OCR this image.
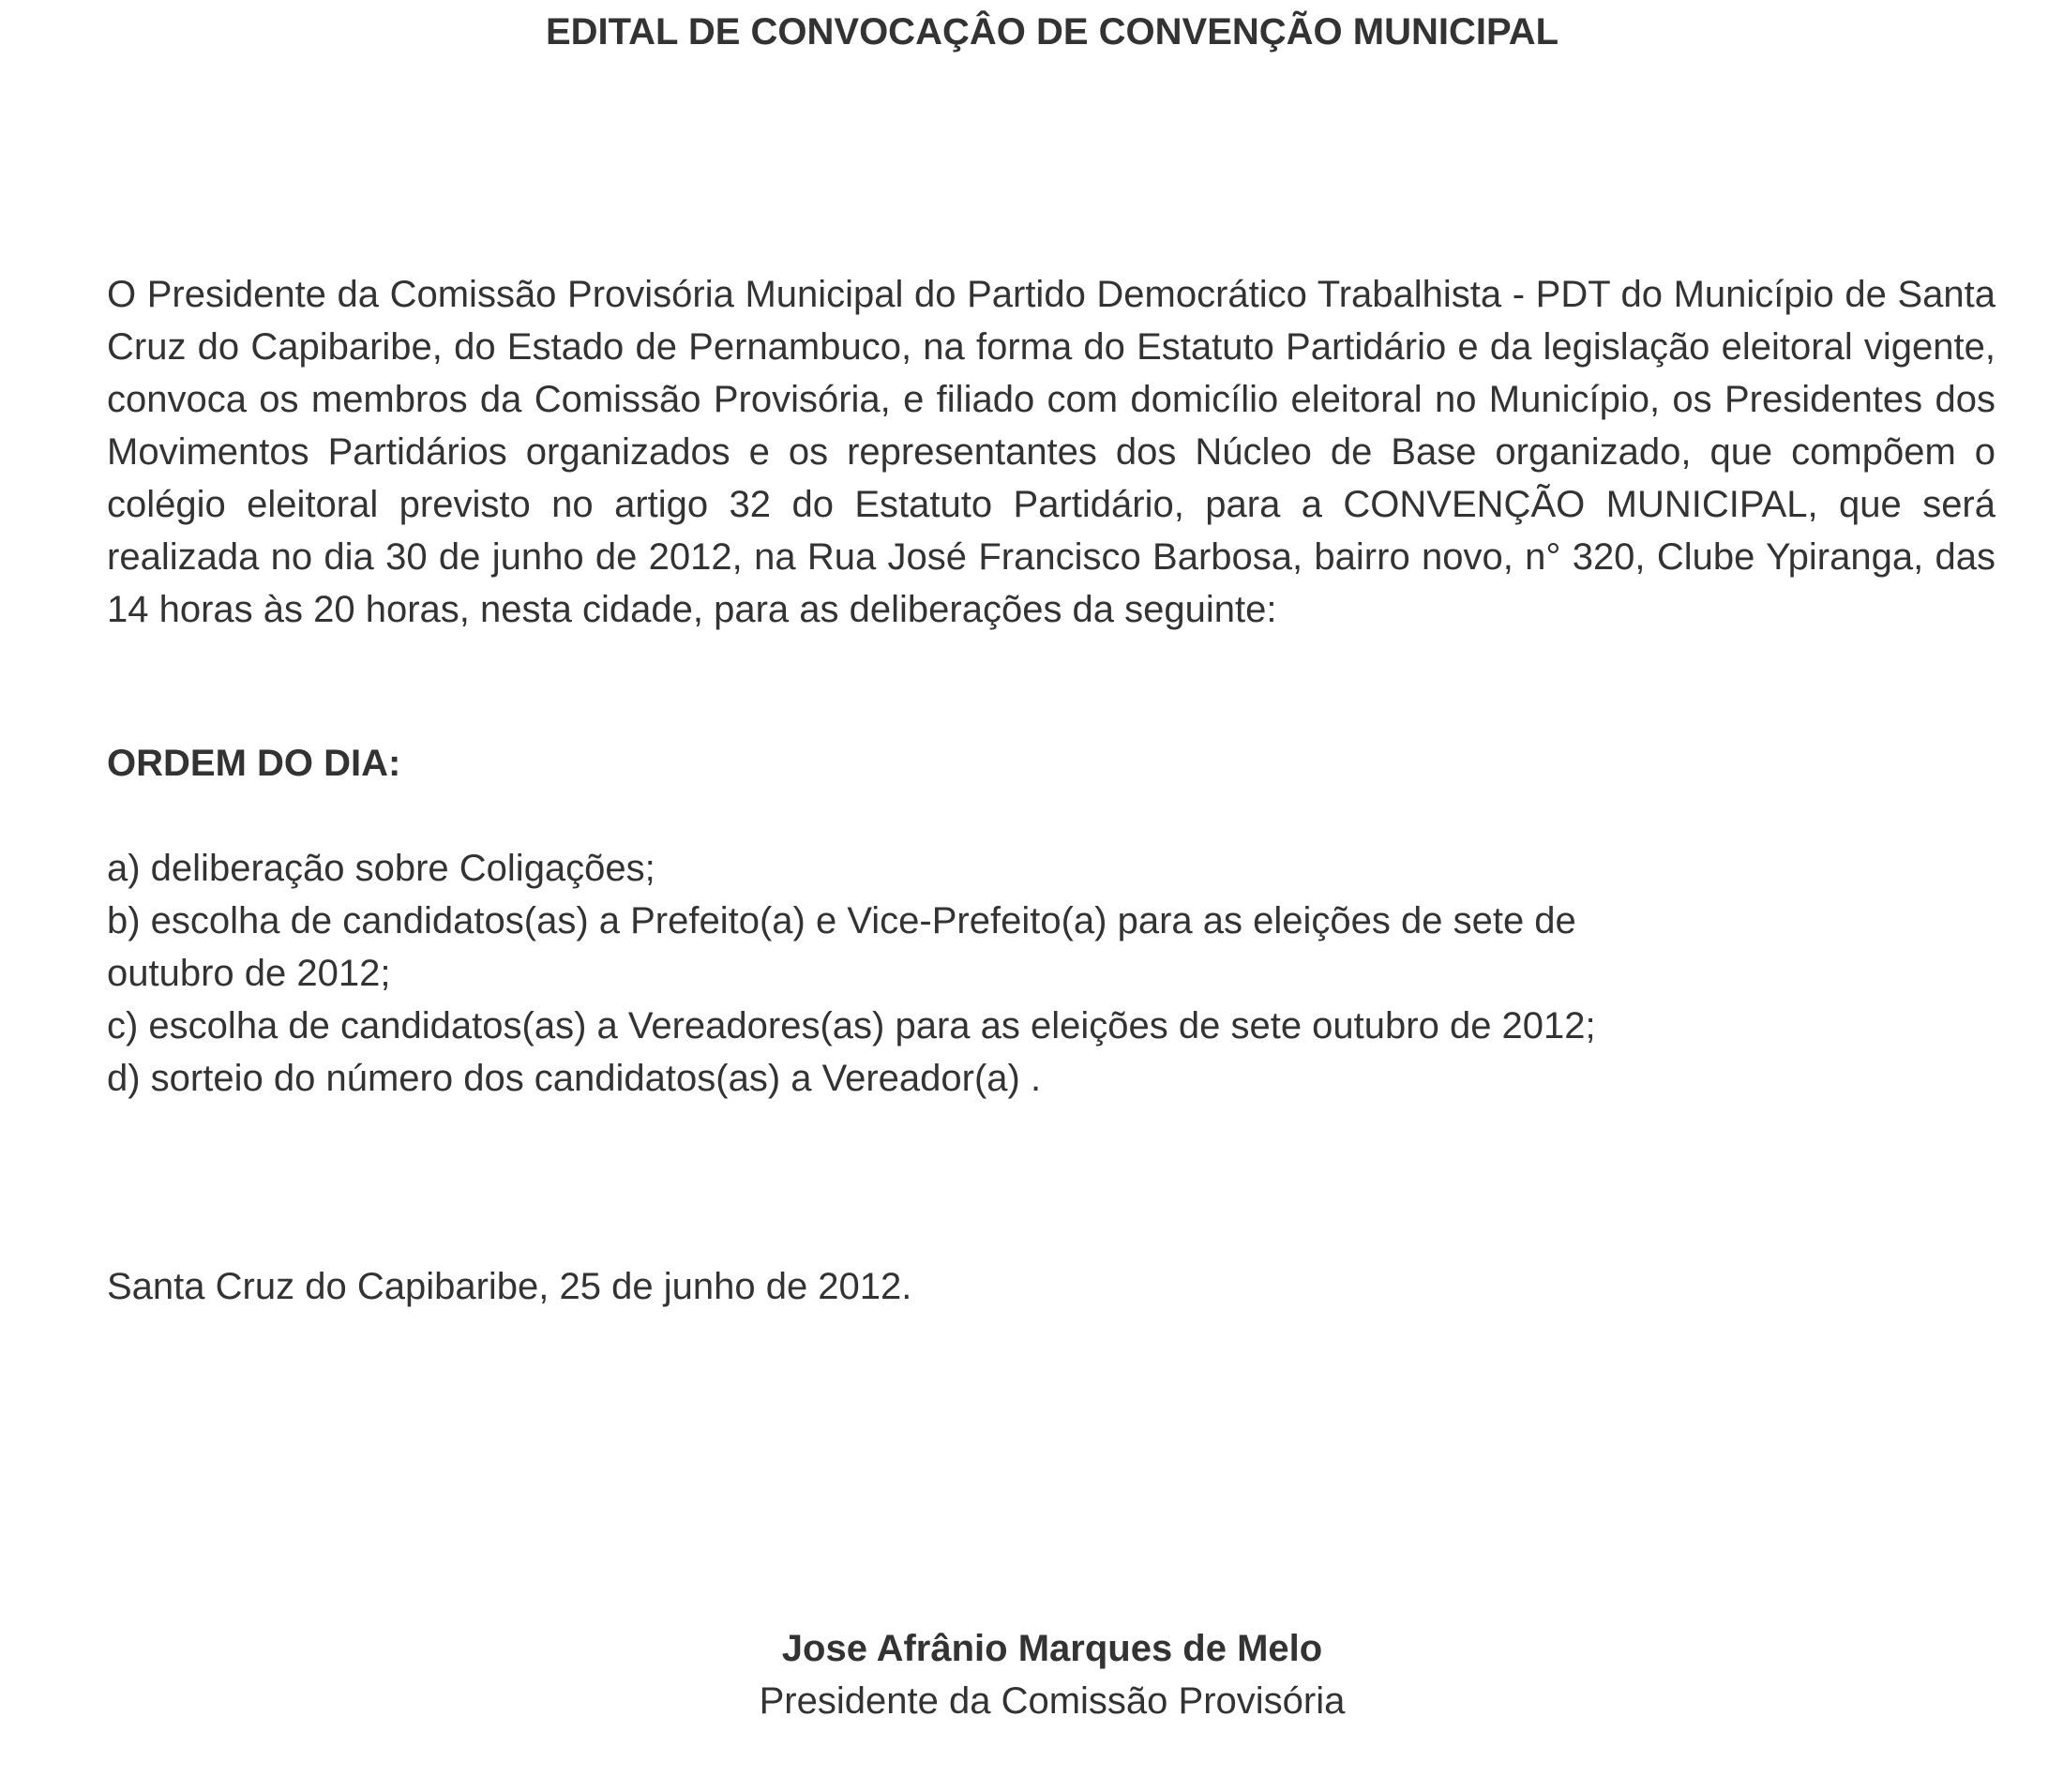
EDITAL DE CONVOCAÇÂO DE CONVENÇÃO MUNICIPAL
O Presidente da Comissão Provisória Municipal do Partido Democrático Trabalhista - PDT do Município de Santa Cruz do Capibaribe, do Estado de Pernambuco, na forma do Estatuto Partidário e da legislação eleitoral vigente, convoca os membros da Comissão Provisória, e filiado com domicílio eleitoral no Município, os Presidentes dos Movimentos Partidários organizados e os representantes dos Núcleo de Base organizado, que compõem o colégio eleitoral previsto no artigo 32 do Estatuto Partidário, para a CONVENÇÃO MUNICIPAL, que será realizada no dia 30 de junho de 2012, na Rua José Francisco Barbosa, bairro novo, n° 320, Clube Ypiranga, das 14 horas às 20 horas, nesta cidade, para as deliberações da seguinte:
ORDEM DO DIA:
a) deliberação sobre Coligações;
b) escolha de candidatos(as) a Prefeito(a) e Vice-Prefeito(a) para as eleições de sete de outubro de 2012;
c) escolha de candidatos(as) a Vereadores(as) para as eleições de sete outubro de 2012;
d) sorteio do número dos candidatos(as) a Vereador(a) .
Santa Cruz do Capibaribe, 25 de junho de 2012.
Jose Afrânio Marques de Melo
Presidente da Comissão Provisória
